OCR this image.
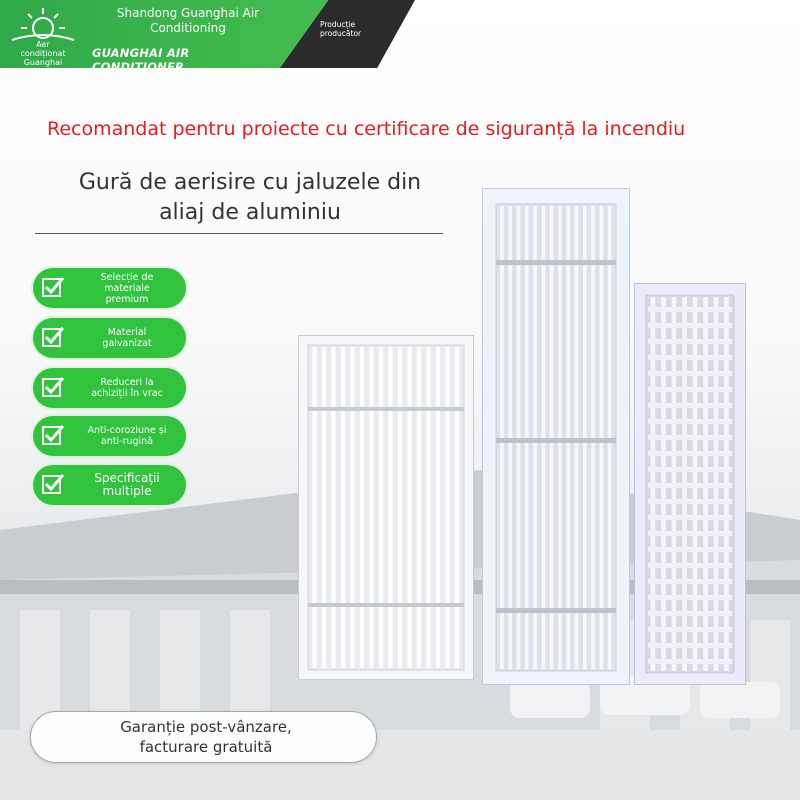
Aer
condiționat
Guanghai
Shandong Guanghai Air Conditioning
GUANGHAI AIR CONDITIONER
Producție
producător
Recomandat pentru proiecte cu certificare de siguranță la incendiu
Gură de aerisire cu jaluzele din
aliaj de aluminiu
Selecție de
materiale
premium
Material
galvanizat
Reduceri la
achiziții în vrac
Anti-coroziune și
anti-rugină
Specificații
multiple
Garanție post-vânzare,
facturare gratuită
